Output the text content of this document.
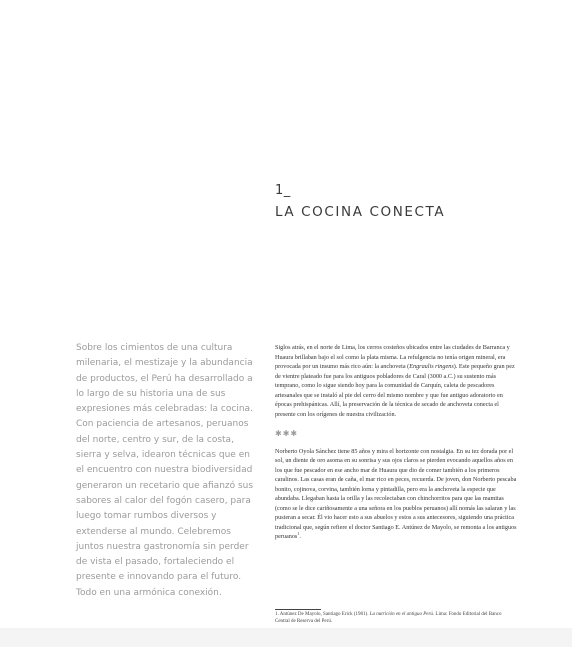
1_
LA COCINA CONECTA

Sobre los cimientos de una cultura milenaria, el mestizaje y la abundancia de productos, el Perú ha desarrollado a lo largo de su historia una de sus expresiones más celebradas: la cocina. Con paciencia de artesanos, peruanos del norte, centro y sur, de la costa, sierra y selva, idearon técnicas que en el encuentro con nuestra biodiversidad generaron un recetario que afianzó sus sabores al calor del fogón casero, para luego tomar rumbos diversos y extenderse al mundo. Celebremos juntos nuestra gastronomía sin perder de vista el pasado, fortaleciendo el presente e innovando para el futuro. Todo en una armónica conexión.

Siglos atrás, en el norte de Lima, los cerros costeños ubicados entre las ciudades de Barranca y Huaura brillaban bajo el sol como la plata misma. La refulgencia no tenía origen mineral, era provocada por un insumo más rico aún: la anchoveta (Engraulis ringens). Este pequeño gran pez de vientre plateado fue para los antiguos pobladores de Caral (3000 a.C.) su sustento más temprano, como lo sigue siendo hoy para la comunidad de Carquín, caleta de pescadores artesanales que se instaló al pie del cerro del mismo nombre y que fue antiguo adoratorio en épocas prehispánicas. Allí, la preservación de la técnica de secado de anchoveta conecta el presente con los orígenes de nuestra civilización.

✱✱✱

Norberto Oyola Sánchez tiene 85 años y mira el horizonte con nostalgia. En su tez dorada por el sol, un diente de oro asoma en su sonrisa y sus ojos claros se pierden evocando aquellos años en los que fue pescador en ese ancho mar de Huaura que dio de comer también a los primeros caralinos. Las casas eran de caña, el mar rico en peces, recuerda. De joven, don Norberto pescaba bonito, cojinova, corvina, también lorna y pintadilla, pero era la anchoveta la especie que abundaba. Llegaban hasta la orilla y las recolectaban con chinchorritos para que las mamitas (como se le dice cariñosamente a una señora en los pueblos peruanos) allí nomás las salaran y las pusieran a secar. Él vio hacer esto a sus abuelos y estos a sus antecesores, siguiendo una práctica tradicional que, según refiere el doctor Santiago E. Antúnez de Mayolo, se remonta a los antiguos peruanos$^1$.

1. Antúnez De Mayolo, Santiago Erick (1981). La nutrición en el antiguo Perú. Lima: Fondo Editorial del Banco Central de Reserva del Perú.
